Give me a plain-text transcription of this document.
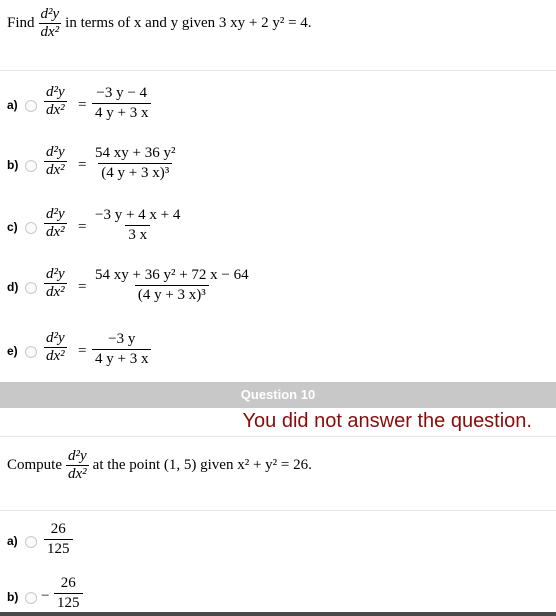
Find $\frac{\text{d²y}}{\text{dx²}}$ in terms of x and y given 3 xy + 2 y² = 4.
$a) \frac{\text{d²y}}{\text{dx²}} = \frac{-3 y - 4}{4 y + 3 x}$
$b) \frac{\text{d²y}}{\text{dx²}} = \frac{\text{54 xy + 36 y²}}{\text{(4 y + 3 x)³}}$
$c) \frac{\text{d²y}}{\text{dx²}} = \frac{-3 y + 4 x + 4}{3 x}$
$d) \frac{\text{d²y}}{\text{dx²}} = \frac{\text{54 xy + 36 y² + 72 x − 64}}{\text{(4 y + 3 x)³}}$
$e) \frac{\text{d²y}}{\text{dx²}} = \frac{-3 y}{4 y + 3 x}$
Question 10
You did not answer the question.
Compute $\frac{\text{d²y}}{\text{dx²}}$ at the point (1, 5) given x² + y² = 26.
$a) \frac{26}{125}$
$b) - \frac{26}{125}$
